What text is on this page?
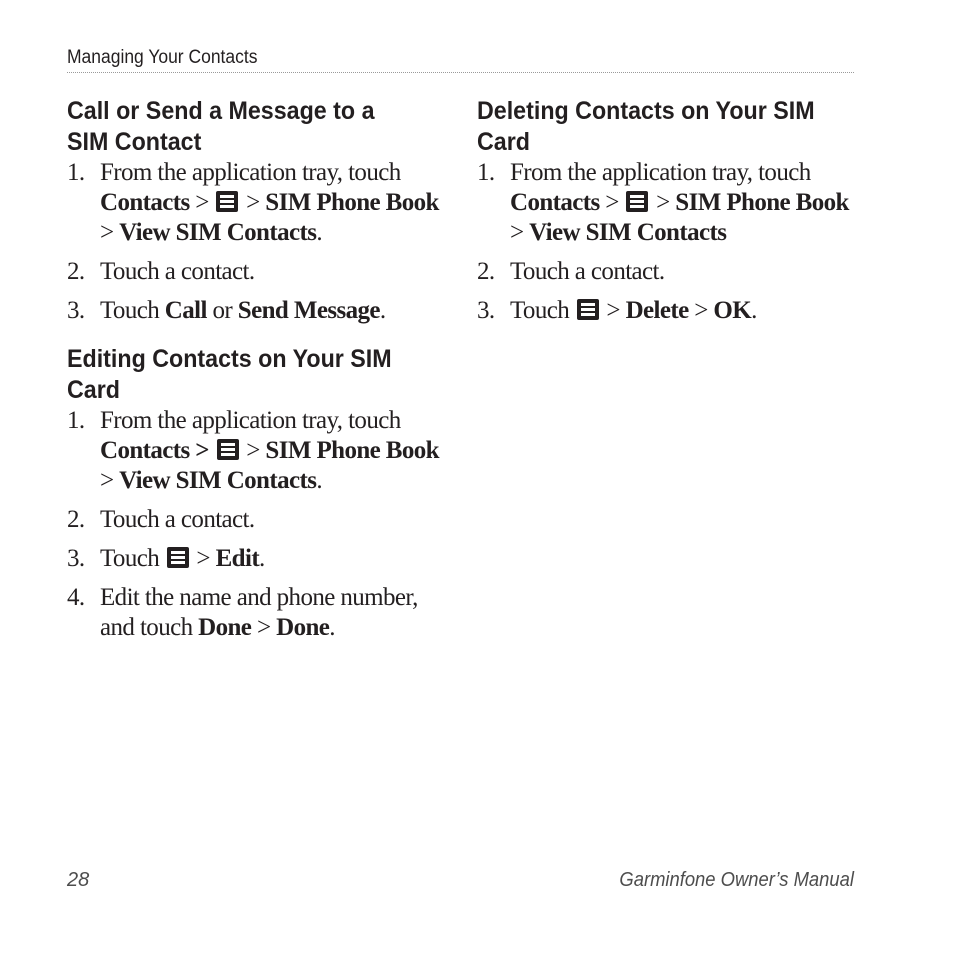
Managing Your Contacts
Call or Send a Message to a
SIM Contact
1. From the application tray, touch
Contacts >
> SIM Phone Book
> View SIM Contacts.
2. Touch a contact.
3. Touch Call or Send Message.
Editing Contacts on Your SIM
Card
1. From the application tray, touch
Contacts >
> SIM Phone Book
> View SIM Contacts.
2. Touch a contact.
3. Touch
> Edit.
4. Edit the name and phone number,
and touch Done > Done.
Deleting Contacts on Your SIM
Card
1. From the application tray, touch
Contacts >
> SIM Phone Book
> View SIM Contacts
2. Touch a contact.
3. Touch
> Delete > OK.
28	Garminfone Owner’s Manual
